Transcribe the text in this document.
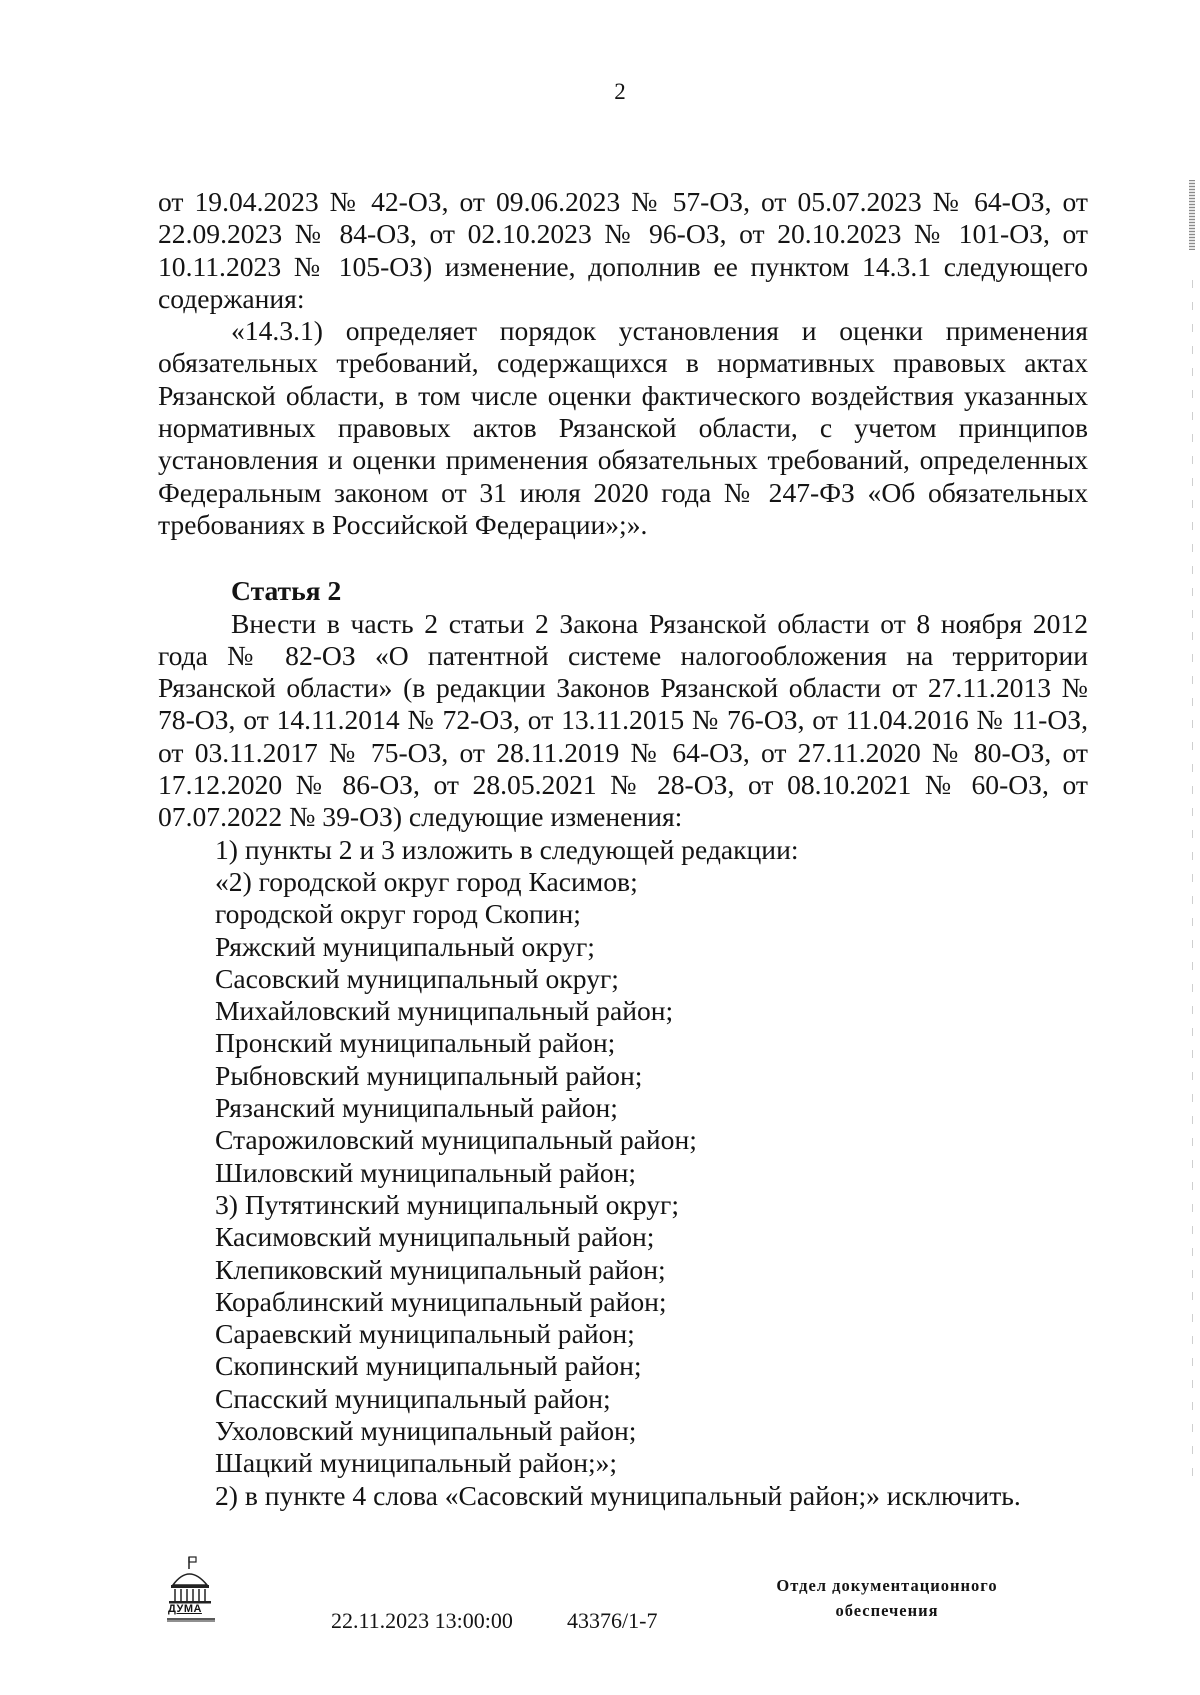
2

от 19.04.2023 № 42-ОЗ, от 09.06.2023 № 57-ОЗ, от 05.07.2023 № 64-ОЗ, от 22.09.2023 № 84-ОЗ, от 02.10.2023 № 96-ОЗ, от 20.10.2023 № 101-ОЗ, от 10.11.2023 № 105-ОЗ) изменение, дополнив ее пунктом 14.3.1 следующего содержания:

«14.3.1) определяет порядок установления и оценки применения обязательных требований, содержащихся в нормативных правовых актах Рязанской области, в том числе оценки фактического воздействия указанных нормативных правовых актов Рязанской области, с учетом принципов установления и оценки применения обязательных требований, определенных Федеральным законом от 31 июля 2020 года № 247-ФЗ «Об обязательных требованиях в Российской Федерации»;».

Статья 2

Внести в часть 2 статьи 2 Закона Рязанской области от 8 ноября 2012 года № 82-ОЗ «О патентной системе налогообложения на территории Рязанской области» (в редакции Законов Рязанской области от 27.11.2013 № 78-ОЗ, от 14.11.2014 № 72-ОЗ, от 13.11.2015 № 76-ОЗ, от 11.04.2016 № 11-ОЗ, от 03.11.2017 № 75-ОЗ, от 28.11.2019 № 64-ОЗ, от 27.11.2020 № 80-ОЗ, от 17.12.2020 № 86-ОЗ, от 28.05.2021 № 28-ОЗ, от 08.10.2021 № 60-ОЗ, от 07.07.2022 № 39-ОЗ) следующие изменения:

1) пункты 2 и 3 изложить в следующей редакции:
«2) городской округ город Касимов;
городской округ город Скопин;
Ряжский муниципальный округ;
Сасовский муниципальный округ;
Михайловский муниципальный район;
Пронский муниципальный район;
Рыбновский муниципальный район;
Рязанский муниципальный район;
Старожиловский муниципальный район;
Шиловский муниципальный район;
3) Путятинский муниципальный округ;
Касимовский муниципальный район;
Клепиковский муниципальный район;
Кораблинский муниципальный район;
Сараевский муниципальный район;
Скопинский муниципальный район;
Спасский муниципальный район;
Ухоловский муниципальный район;
Шацкий муниципальный район;»;
2) в пункте 4 слова «Сасовский муниципальный район;» исключить.
ДУМА	22.11.2023 13:00:00 43376/1-7
Отдел документационного
обеспечения
